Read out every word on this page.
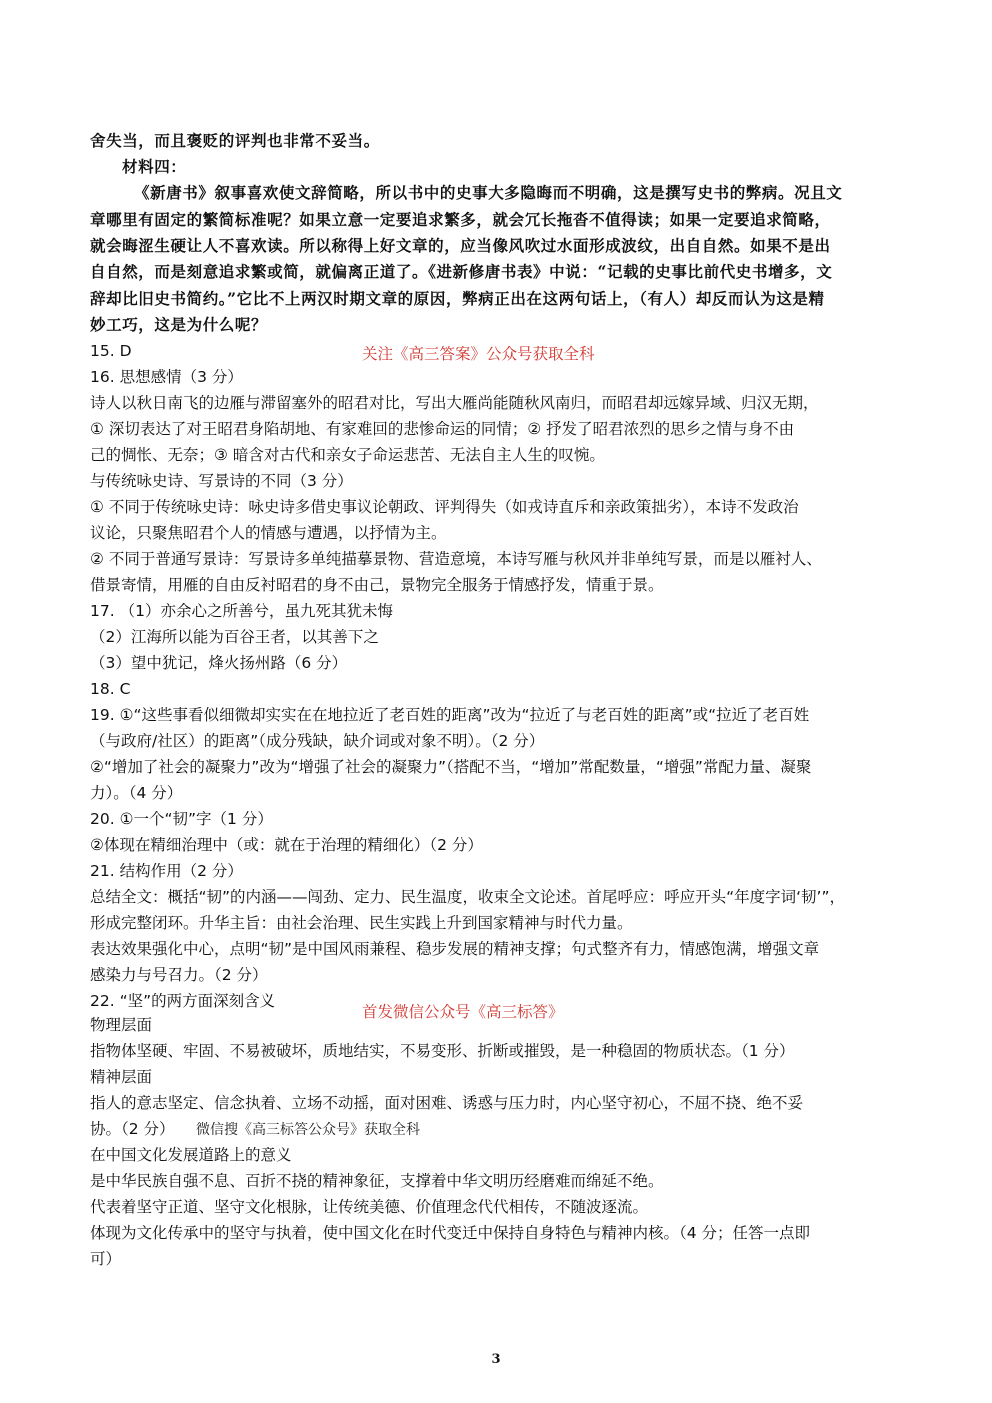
舍失当，而且褒贬的评判也非常不妥当。
材料四：
《新唐书》叙事喜欢使文辞简略，所以书中的史事大多隐晦而不明确，这是撰写史书的弊病。况且文
章哪里有固定的繁简标准呢？如果立意一定要追求繁多，就会冗长拖沓不值得读；如果一定要追求简略，
就会晦涩生硬让人不喜欢读。所以称得上好文章的，应当像风吹过水面形成波纹，出自自然。如果不是出
自自然，而是刻意追求繁或简，就偏离正道了。《进新修唐书表》中说：“记载的史事比前代史书增多，文
辞却比旧史书简约。”它比不上两汉时期文章的原因，弊病正出在这两句话上，（有人）却反而认为这是精
妙工巧，这是为什么呢？
15. D	关注《高三答案》公众号获取全科
16. 思想感情（3 分）
诗人以秋日南飞的边雁与滞留塞外的昭君对比，写出大雁尚能随秋风南归，而昭君却远嫁异域、归汉无期，
① 深切表达了对王昭君身陷胡地、有家难回的悲惨命运的同情；② 抒发了昭君浓烈的思乡之情与身不由
己的惆怅、无奈；③ 暗含对古代和亲女子命运悲苦、无法自主人生的叹惋。
与传统咏史诗、写景诗的不同（3 分）
① 不同于传统咏史诗：咏史诗多借史事议论朝政、评判得失（如戎诗直斥和亲政策拙劣），本诗不发政治
议论，只聚焦昭君个人的情感与遭遇，以抒情为主。
② 不同于普通写景诗：写景诗多单纯描摹景物、营造意境，本诗写雁与秋风并非单纯写景，而是以雁衬人、
借景寄情，用雁的自由反衬昭君的身不由己，景物完全服务于情感抒发，情重于景。
17. （1）亦余心之所善兮，虽九死其犹未悔
（2）江海所以能为百谷王者，以其善下之
（3）望中犹记，烽火扬州路（6 分）
18. C
19. ①“这些事看似细微却实实在在地拉近了老百姓的距离”改为“拉近了与老百姓的距离”或“拉近了老百姓
（与政府/社区）的距离”（成分残缺，缺介词或对象不明）。（2 分）
②“增加了社会的凝聚力”改为“增强了社会的凝聚力”（搭配不当，“增加”常配数量，“增强”常配力量、凝聚
力）。（4 分）
20. ①一个“韧”字（1 分）
②体现在精细治理中（或：就在于治理的精细化）（2 分）
21. 结构作用（2 分）
总结全文：概括“韧”的内涵——闯劲、定力、民生温度，收束全文论述。首尾呼应：呼应开头“年度字词‘韧’”，
形成完整闭环。升华主旨：由社会治理、民生实践上升到国家精神与时代力量。
表达效果强化中心，点明“韧”是中国风雨兼程、稳步发展的精神支撑；句式整齐有力，情感饱满，增强文章
感染力与号召力。（2 分）
22. “坚”的两方面深刻含义
首发微信公众号《高三标答》
物理层面
指物体坚硬、牢固、不易被破坏，质地结实，不易变形、折断或摧毁，是一种稳固的物质状态。（1 分）
精神层面
指人的意志坚定、信念执着、立场不动摇，面对困难、诱惑与压力时，内心坚守初心，不屈不挠、绝不妥
协。（2 分）	微信搜《高三标答公众号》获取全科
在中国文化发展道路上的意义
是中华民族自强不息、百折不挠的精神象征，支撑着中华文明历经磨难而绵延不绝。
代表着坚守正道、坚守文化根脉，让传统美德、价值理念代代相传，不随波逐流。
体现为文化传承中的坚守与执着，使中国文化在时代变迁中保持自身特色与精神内核。（4 分；任答一点即
可）
3
